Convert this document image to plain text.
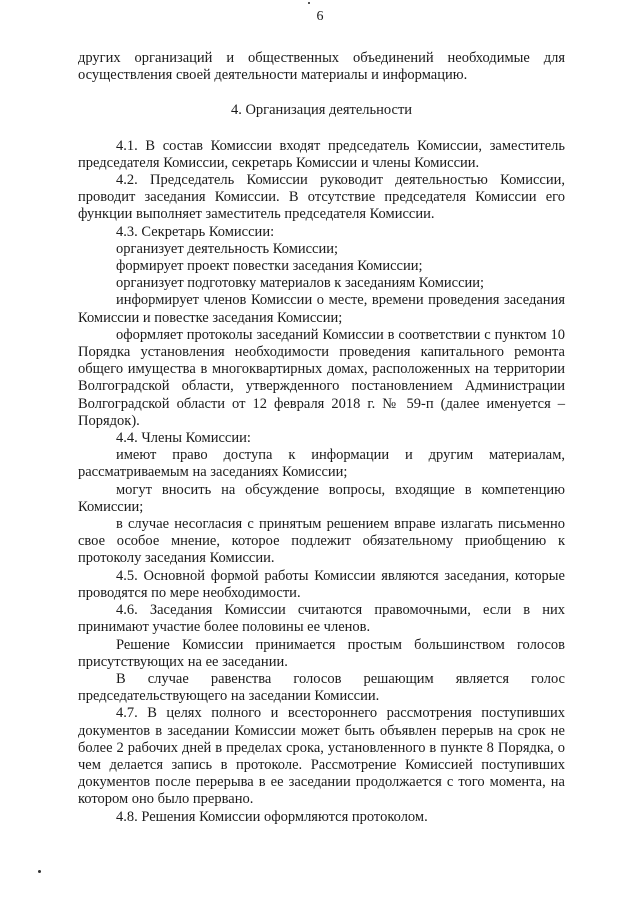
6

других организаций и общественных объединений необходимые для осуществления своей деятельности материалы и информацию.

4. Организация деятельности

4.1. В состав Комиссии входят председатель Комиссии, заместитель председателя Комиссии, секретарь Комиссии и члены Комиссии.

4.2. Председатель Комиссии руководит деятельностью Комиссии, проводит заседания Комиссии. В отсутствие председателя Комиссии его функции выполняет заместитель председателя Комиссии.

4.3. Секретарь Комиссии:

организует деятельность Комиссии;

формирует проект повестки заседания Комиссии;

организует подготовку материалов к заседаниям Комиссии;

информирует членов Комиссии о месте, времени проведения заседания Комиссии и повестке заседания Комиссии;

оформляет протоколы заседаний Комиссии в соответствии с пунктом 10 Порядка установления необходимости проведения капитального ремонта общего имущества в многоквартирных домах, расположенных на территории Волгоградской области, утвержденного постановлением Администрации Волгоградской области от 12 февраля 2018 г. № 59-п (далее именуется – Порядок).

4.4. Члены Комиссии:

имеют право доступа к информации и другим материалам, рассматриваемым на заседаниях Комиссии;

могут вносить на обсуждение вопросы, входящие в компетенцию Комиссии;

в случае несогласия с принятым решением вправе излагать письменно свое особое мнение, которое подлежит обязательному приобщению к протоколу заседания Комиссии.

4.5. Основной формой работы Комиссии являются заседания, которые проводятся по мере необходимости.

4.6. Заседания Комиссии считаются правомочными, если в них принимают участие более половины ее членов.

Решение Комиссии принимается простым большинством голосов присутствующих на ее заседании.

В случае равенства голосов решающим является голос председательствующего на заседании Комиссии.

4.7. В целях полного и всестороннего рассмотрения поступивших документов в заседании Комиссии может быть объявлен перерыв на срок не более 2 рабочих дней в пределах срока, установленного в пункте 8 Порядка, о чем делается запись в протоколе. Рассмотрение Комиссией поступивших документов после перерыва в ее заседании продолжается с того момента, на котором оно было прервано.

4.8. Решения Комиссии оформляются протоколом.
